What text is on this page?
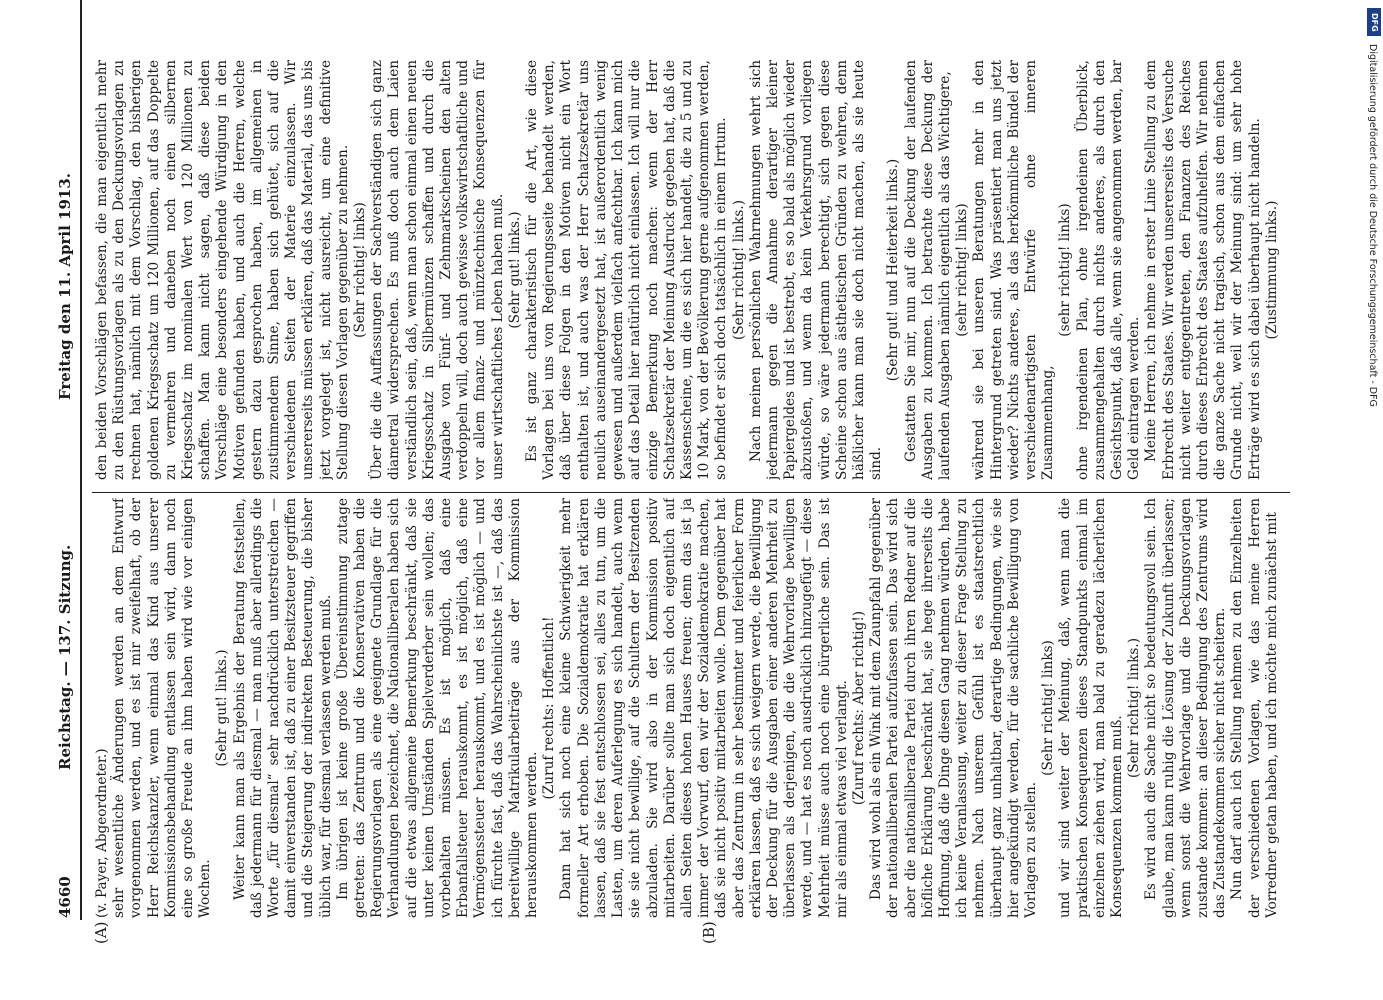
4660
Reichstag. — 137. Sitzung.
Freitag den 11. April 1913.
(A)	(B)

(v. Payer, Abgeordneter.) sehr wesentliche Änderungen werden an dem Entwurf vorgenommen werden, und es ist mir zweifelhaft, ob der Herr Reichskanzler, wenn einmal das Kind aus unserer Kommissionsbehandlung entlassen sein wird, dann noch eine so große Freude an ihm haben wird wie vor einigen Wochen.

(Sehr gut! links.) Weiter kann man als Ergebnis der Beratung feststellen, daß jedermann für diesmal — man muß aber allerdings die Worte „für diesmal“ sehr nachdrücklich unterstreichen — damit einverstanden ist, daß zu einer Besitzsteuer gegriffen und die Steigerung der indirekten Besteuerung, die bisher üblich war, für diesmal verlassen werden muß. Im übrigen ist keine große Übereinstimmung zutage getreten: das Zentrum und die Konservativen haben die Regierungsvorlagen als eine geeignete Grundlage für die Verhandlungen bezeichnet, die Nationalliberalen haben sich auf die etwas allgemeine Bemerkung beschränkt, daß sie unter keinen Umständen Spielverderber sein wollen; das vorbehalten müssen. Es ist möglich, daß eine Erbanfallsteuer herauskommt, es ist möglich, daß eine Vermögenssteuer herauskommt, und es ist möglich — und ich fürchte fast, daß das Wahrscheinlichste ist —, daß das bereitwillige Matrikularbeiträge aus der Kommission herauskommen werden.

(Zuruf rechts: Hoffentlich! Dann hat sich noch eine kleine Schwierigkeit mehr formeller Art erhoben. Die Sozialdemokratie hat erklären lassen, daß sie fest entschlossen sei, alles zu tun, um die Lasten, um deren Auferlegung es sich handelt, auch wenn sie sie nicht bewillige, auf die Schultern der Besitzenden abzuladen. Sie wird also in der Kommission positiv mitarbeiten. Darüber sollte man sich doch eigentlich auf allen Seiten dieses hohen Hauses freuen; denn das ist ja immer der Vorwurf, den wir der Sozialdemokratie machen, daß sie nicht positiv mitarbeiten wolle. Dem gegenüber hat aber das Zentrum in sehr bestimmter und feierlicher Form erklären lassen, daß es sich weigern werde, die Bewilligung der Deckung für die Ausgaben einer anderen Mehrheit zu überlassen als derjenigen, die die Wehrvorlage bewilligen werde, und — hat es noch ausdrücklich hinzugefügt — diese Mehrheit müsse auch noch eine bürgerliche sein. Das ist mir als einmal etwas viel verlangt. (Zuruf rechts: Aber richtig!) Das wird wohl als ein Wink mit dem Zaunpfahl gegenüber der nationalliberalen Partei aufzufassen sein. Das wird sich aber die nationalliberale Partei durch ihren Redner auf die höfliche Erklärung beschränkt hat, sie hege ihrerseits die Hoffnung, daß die Dinge diesen Gang nehmen würden, habe ich keine Veranlassung, weiter zu dieser Frage Stellung zu nehmen. Nach unserem Gefühl ist es staatsrechtlich überhaupt ganz unhaltbar, derartige Bedingungen, wie sie hier angekündigt werden, für die sachliche Bewilligung von Vorlagen zu stellen.

(Sehr richtig! links) und wir sind weiter der Meinung, daß, wenn man die praktischen Konsequenzen dieses Standpunkts einmal im einzelnen ziehen wird, man bald zu geradezu lächerlichen Konsequenzen kommen muß.

(Sehr richtig! links.) Es wird auch die Sache nicht so bedeutungsvoll sein. Ich glaube, man kann ruhig die Lösung der Zukunft überlassen; wenn sonst die Wehrvorlage und die Deckungsvorlagen zustande kommen: an dieser Bedingung des Zentrums wird das Zustandekommen sicher nicht scheitern. Nun darf auch ich Stellung nehmen zu den Einzelheiten der verschiedenen Vorlagen, wie das meine Herren Vorredner getan haben, und ich möchte mich zunächst mit

den beiden Vorschlägen befassen, die man eigentlich mehr zu den Rüstungsvorlagen als zu den Deckungsvorlagen zu rechnen hat, nämlich mit dem Vorschlag, den bisherigen goldenen Kriegsschatz um 120 Millionen, auf das Doppelte zu vermehren und daneben noch einen silbernen Kriegsschatz im nominalen Wert von 120 Millionen zu schaffen. Man kann nicht sagen, daß diese beiden Vorschläge eine besonders eingehende Würdigung in den Motiven gefunden haben, und auch die Herren, welche gestern dazu gesprochen haben, im allgemeinen in zustimmendem Sinne, haben sich gehütet, sich auf die verschiedenen Seiten der Materie einzulassen. Wir unsererseits müssen erklären, daß das Material, das uns bis jetzt vorgelegt ist, nicht ausreicht, um eine definitive Stellung diesen Vorlagen gegenüber zu nehmen. (Sehr richtig! links) Über die die Auffassungen der Sachverständigen sich ganz diametral widersprechen. Es muß doch auch dem Laien verständlich sein, daß, wenn man schon einmal einen neuen Kriegsschatz in Silbermünzen schaffen und durch die Ausgabe von Fünf- und Zehnmarkscheinen den alten verdoppeln will, doch auch gewisse volkswirtschaftliche und vor allem finanz- und münztechnische Konsequenzen für unser wirtschaftliches Leben haben muß. (Sehr gut! links.) Es ist ganz charakteristisch für die Art, wie diese Vorlagen bei uns von Regierungsseite behandelt werden, daß über diese Folgen in den Motiven nicht ein Wort enthalten ist, und auch was der Herr Schatzsekretär uns neulich auseinandergesetzt hat, ist außerordentlich wenig gewesen und außerdem vielfach anfechtbar. Ich kann mich auf das Detail hier natürlich nicht einlassen. Ich will nur die einzige Bemerkung noch machen: wenn der Herr Schatzsekretär der Meinung Ausdruck gegeben hat, daß die Kassenscheine, um die es sich hier handelt, die zu 5 und zu 10 Mark, von der Bevölkerung gerne aufgenommen werden, so befindet er sich doch tatsächlich in einem Irrtum. (Sehr richtig! links.) Nach meinen persönlichen Wahrnehmungen wehrt sich jedermann gegen die Annahme derartiger kleiner Papiergeldes und ist bestrebt, es so bald als möglich wieder abzustoßen, und wenn da kein Verkehrsgrund vorliegen würde, so wäre jedermann berechtigt, sich gegen diese Scheine schon aus ästhetischen Gründen zu wehren, denn häßlicher kann man sie doch nicht machen, als sie heute sind.

(Sehr gut! und Heiterkeit links.) Gestatten Sie mir, nun auf die Deckung der laufenden Ausgaben zu kommen. Ich betrachte diese Deckung der laufenden Ausgaben nämlich eigentlich als das Wichtigere, (sehr richtig! links) während sie bei unseren Beratungen mehr in den Hintergrund getreten sind. Was präsentiert man uns jetzt wieder? Nichts anderes, als das herkömmliche Bündel der verschiedenartigsten Entwürfe ohne inneren Zusammenhang,

(sehr richtig! links) ohne irgendeinen Plan, ohne irgendeinen Überblick, zusammengehalten durch nichts anderes, als durch den Gesichtspunkt, daß alle, wenn sie angenommen werden, bar Geld eintragen werden. Meine Herren, ich nehme in erster Linie Stellung zu dem Erbrecht des Staates. Wir werden unsererseits des Versuche nicht weiter entgegentreten, den Finanzen des Reiches durch dieses Erbrecht des Staates aufzuhelfen. Wir nehmen die ganze Sache nicht tragisch, schon aus dem einfachen Grunde nicht, weil wir der Meinung sind: um sehr hohe Erträge wird es sich dabei überhaupt nicht handeln. (Zustimmung links.)

DFG
Digitalisierung gefördert durch die Deutsche Forschungsgemeinschaft - DFG
